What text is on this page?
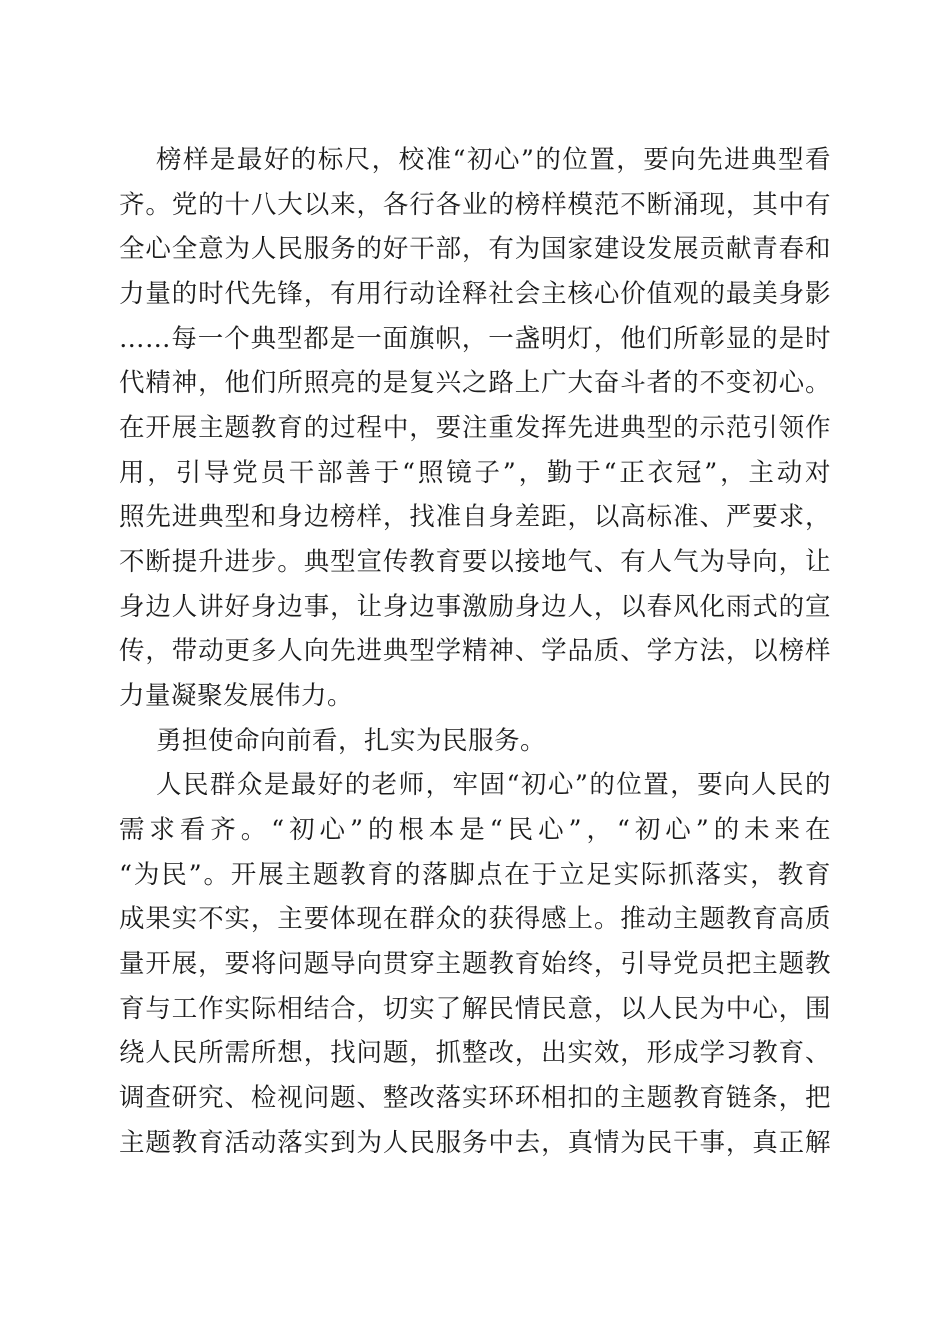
榜样是最好的标尺，校准“初心”的位置，要向先进典型看
齐。党的十八大以来，各行各业的榜样模范不断涌现，其中有
全心全意为人民服务的好干部，有为国家建设发展贡献青春和
力量的时代先锋，有用行动诠释社会主核心价值观的最美身影
……每一个典型都是一面旗帜，一盏明灯，他们所彰显的是时
代精神，他们所照亮的是复兴之路上广大奋斗者的不变初心。
在开展主题教育的过程中，要注重发挥先进典型的示范引领作
用，引导党员干部善于“照镜子”，勤于“正衣冠”，主动对
照先进典型和身边榜样，找准自身差距，以高标准、严要求，
不断提升进步。典型宣传教育要以接地气、有人气为导向，让
身边人讲好身边事，让身边事激励身边人，以春风化雨式的宣
传，带动更多人向先进典型学精神、学品质、学方法，以榜样
力量凝聚发展伟力。
勇担使命向前看，扎实为民服务。
人民群众是最好的老师，牢固“初心”的位置，要向人民的
需求看齐。“初心”的根本是“民心”，“初心”的未来在
“为民”。开展主题教育的落脚点在于立足实际抓落实，教育
成果实不实，主要体现在群众的获得感上。推动主题教育高质
量开展，要将问题导向贯穿主题教育始终，引导党员把主题教
育与工作实际相结合，切实了解民情民意，以人民为中心，围
绕人民所需所想，找问题，抓整改，出实效，形成学习教育、
调查研究、检视问题、整改落实环环相扣的主题教育链条，把
主题教育活动落实到为人民服务中去，真情为民干事，真正解
